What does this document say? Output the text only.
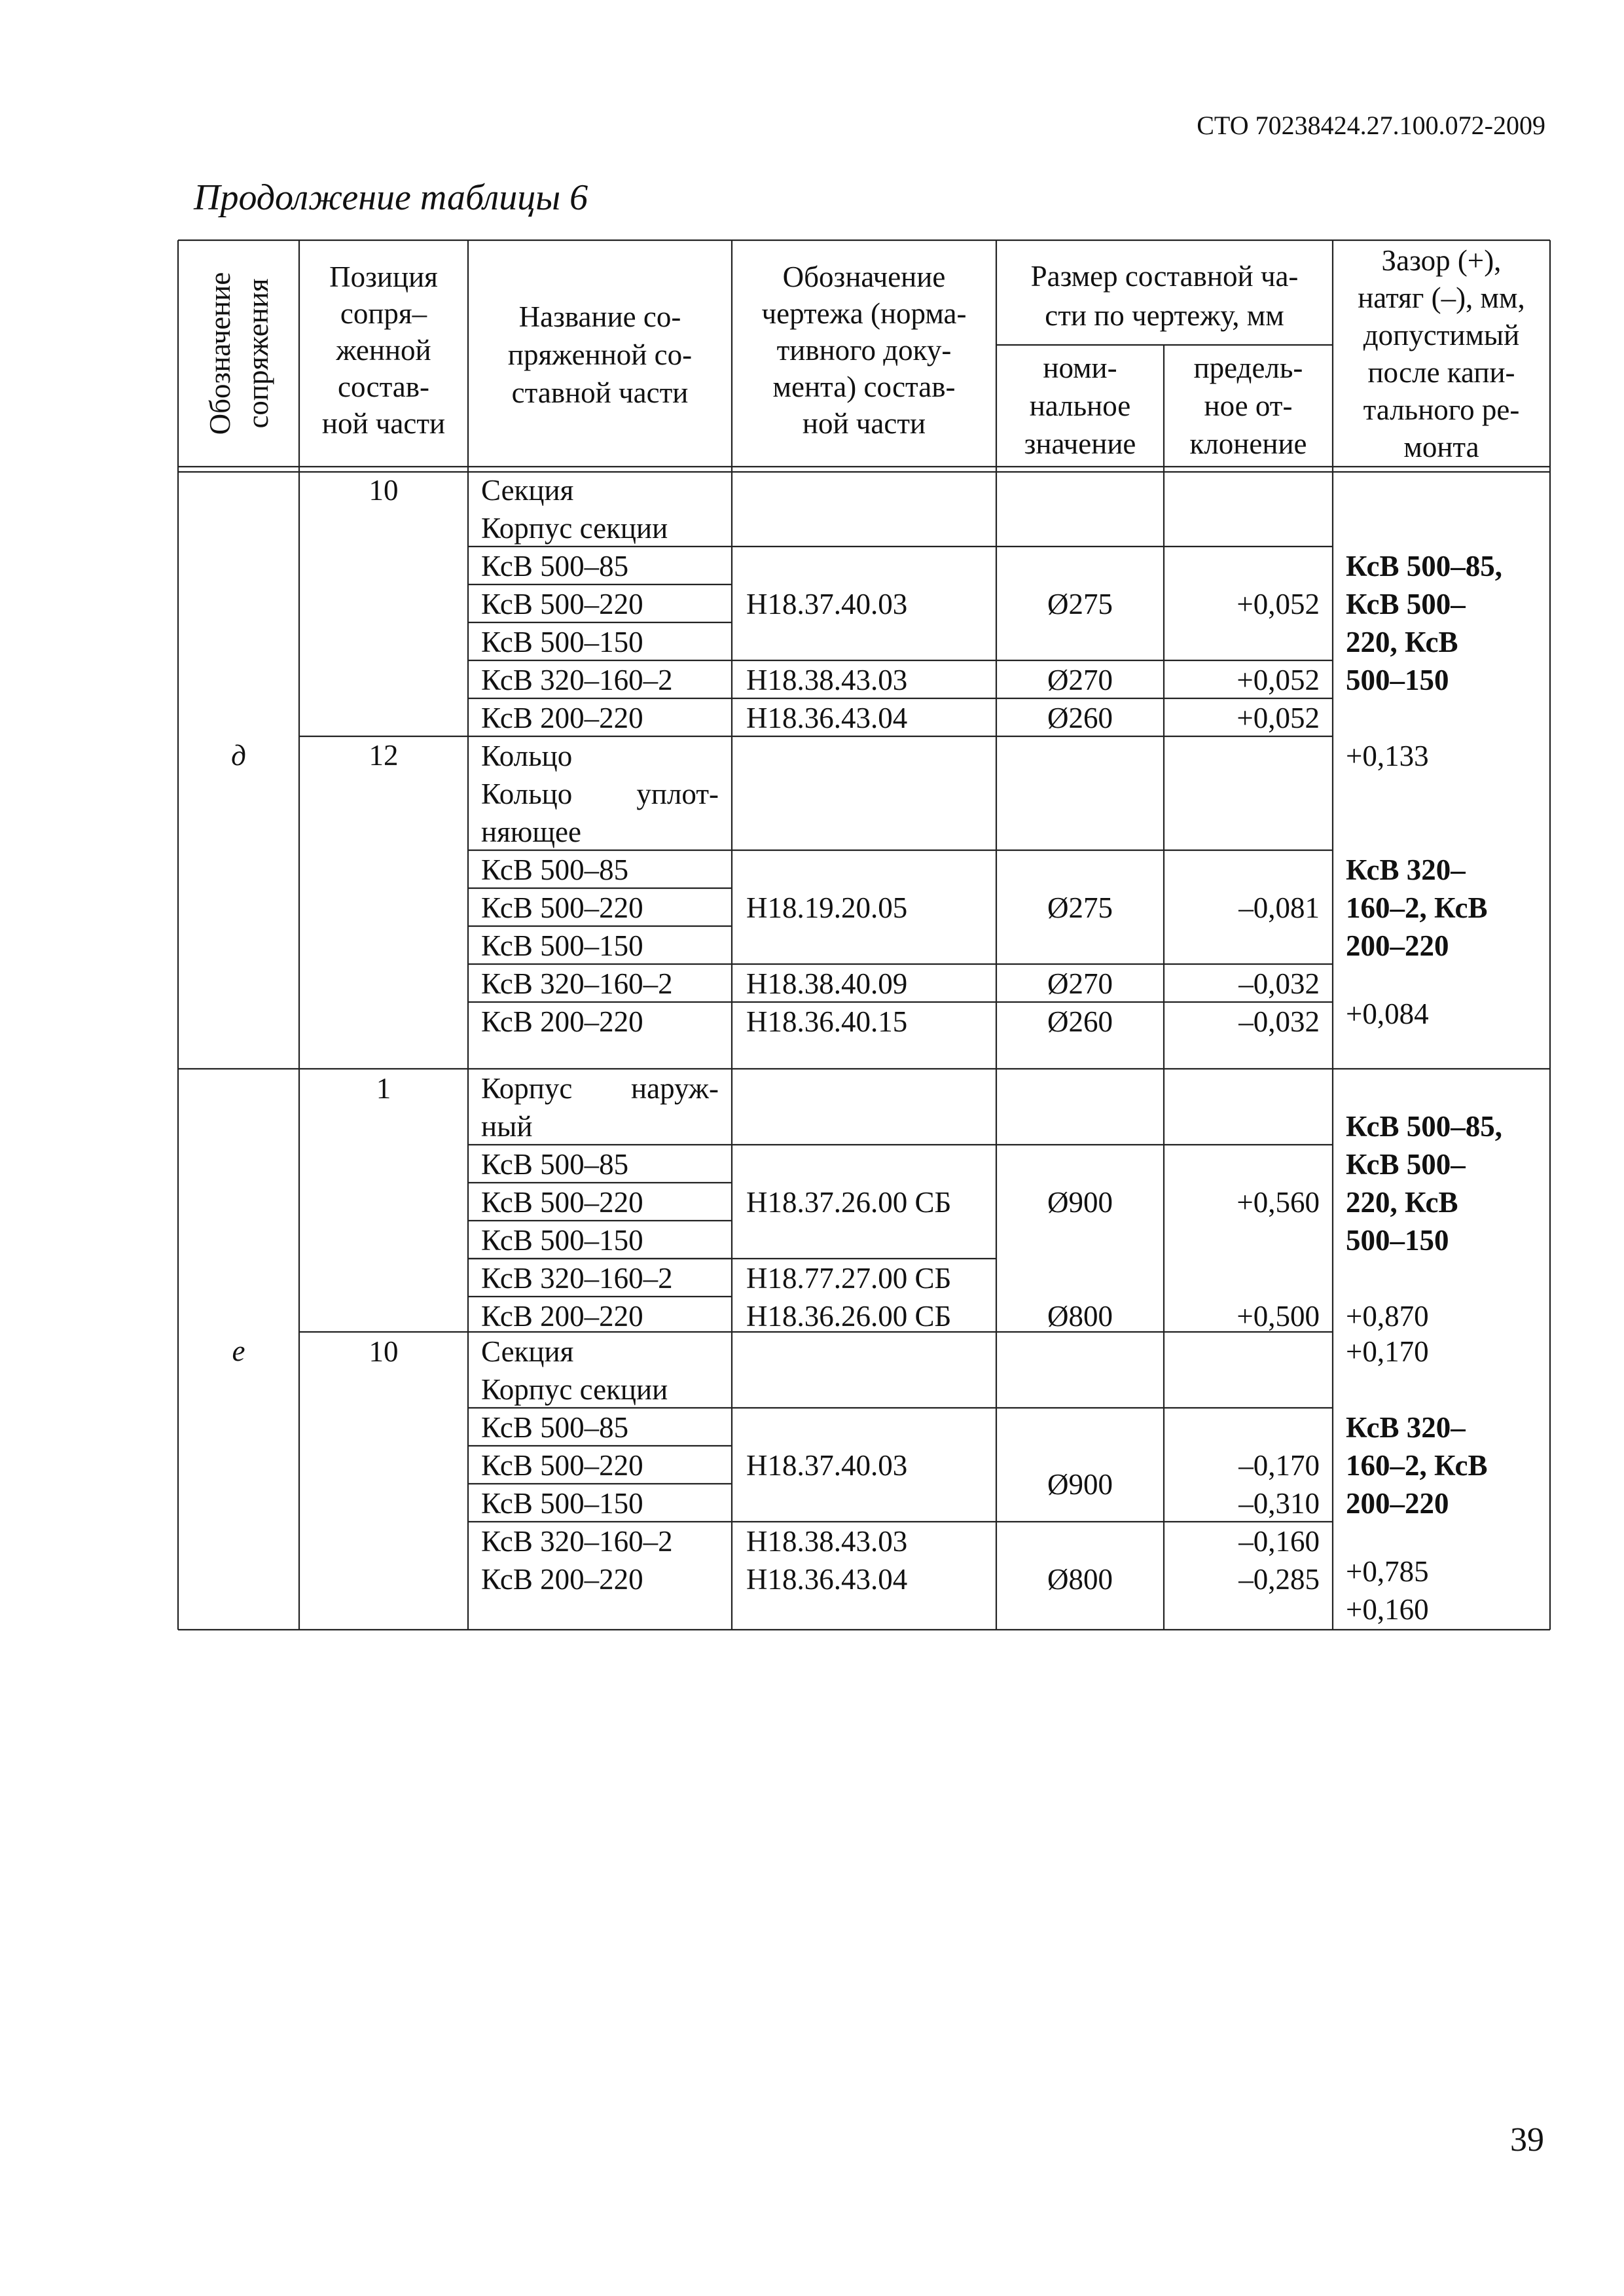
СТО 70238424.27.100.072-2009
Продолжение таблицы 6
Обозначение сопряжения
Позиция
сопря–
женной
состав-
ной части
Название со-
пряженной со-
ставной части
Обозначение
чертежа (норма-
тивного доку-
мента) состав-
ной части
Размер составной ча-
сти по чертежу, мм
номи-
нальное
значение
предель-
ное от-
клонение
Зазор (+),
натяг (–), мм,
допустимый
после капи-
тального ре-
монта
д
10
12
Секция
Корпус секции
КсВ 500–85
КсВ 500–220
КсВ 500–150
КсВ 320–160–2
КсВ 200–220
Кольцо
Кольцо уплот-
няющее
КсВ 500–85
КсВ 500–220
КсВ 500–150
КсВ 320–160–2
КсВ 200–220
Н18.37.40.03
Н18.38.43.03
Н18.36.43.04
Н18.19.20.05
Н18.38.40.09
Н18.36.40.15
Ø275
Ø270
Ø260
Ø275
Ø270
Ø260
+0,052
+0,052
+0,052
–0,081
–0,032
–0,032
КсВ 500–85,
КсВ 500–
220, КсВ
500–150
+0,133
КсВ 320–
160–2, КсВ
200–220
+0,084
е
1
10
Корпус наруж-
ный
КсВ 500–85
КсВ 500–220
КсВ 500–150
КсВ 320–160–2
КсВ 200–220
Секция
Корпус секции
КсВ 500–85
КсВ 500–220
КсВ 500–150
КсВ 320–160–2
КсВ 200–220
Н18.37.26.00 СБ
Н18.77.27.00 СБ
Н18.36.26.00 СБ
Н18.37.40.03
Н18.38.43.03
Н18.36.43.04
Ø900
Ø800
Ø900
Ø800
+0,560
+0,500
–0,170
–0,310
–0,160
–0,285
КсВ 500–85,
КсВ 500–
220, КсВ
500–150
+0,870
+0,170
КсВ 320–
160–2, КсВ
200–220
+0,785
+0,160
39
